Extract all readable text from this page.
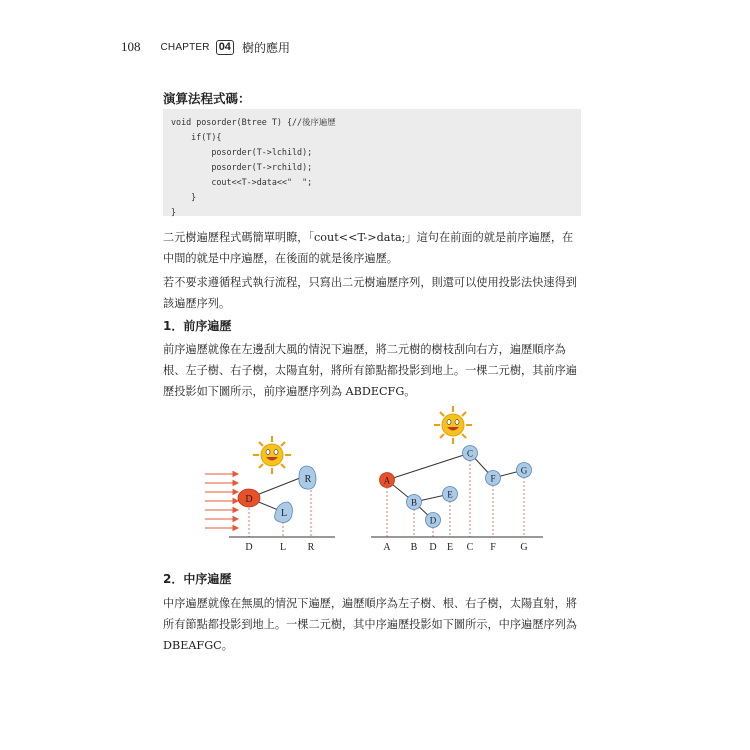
108 CHAPTER 04 樹的應用
演算法程式碼：
void posorder(Btree T) {//後序遍歷
if(T){
posorder(T->lchild);
posorder(T->rchild);
cout<<T->data<<"  ";
}
}
二元樹遍歷程式碼簡單明瞭，「cout<<T->data;」這句在前面的就是前序遍歷，在中間的就是中序遍歷，在後面的就是後序遍歷。
若不要求遵循程式執行流程，只寫出二元樹遍歷序列，則還可以使用投影法快速得到該遍歷序列。
1．前序遍歷
前序遍歷就像在左邊刮大風的情況下遍歷，將二元樹的樹枝刮向右方，遍歷順序為根、左子樹、右子樹，太陽直射，將所有節點都投影到地上。一棵二元樹，其前序遍歷投影如下圖所示，前序遍歷序列為 ABDECFG。
D
R
L
D	L R
A
B
D
E
C
F
G
A B D E C F G
2．中序遍歷
中序遍歷就像在無風的情況下遍歷，遍歷順序為左子樹、根、右子樹，太陽直射，將所有節點都投影到地上。一棵二元樹，其中序遍歷投影如下圖所示，中序遍歷序列為 DBEAFGC。
